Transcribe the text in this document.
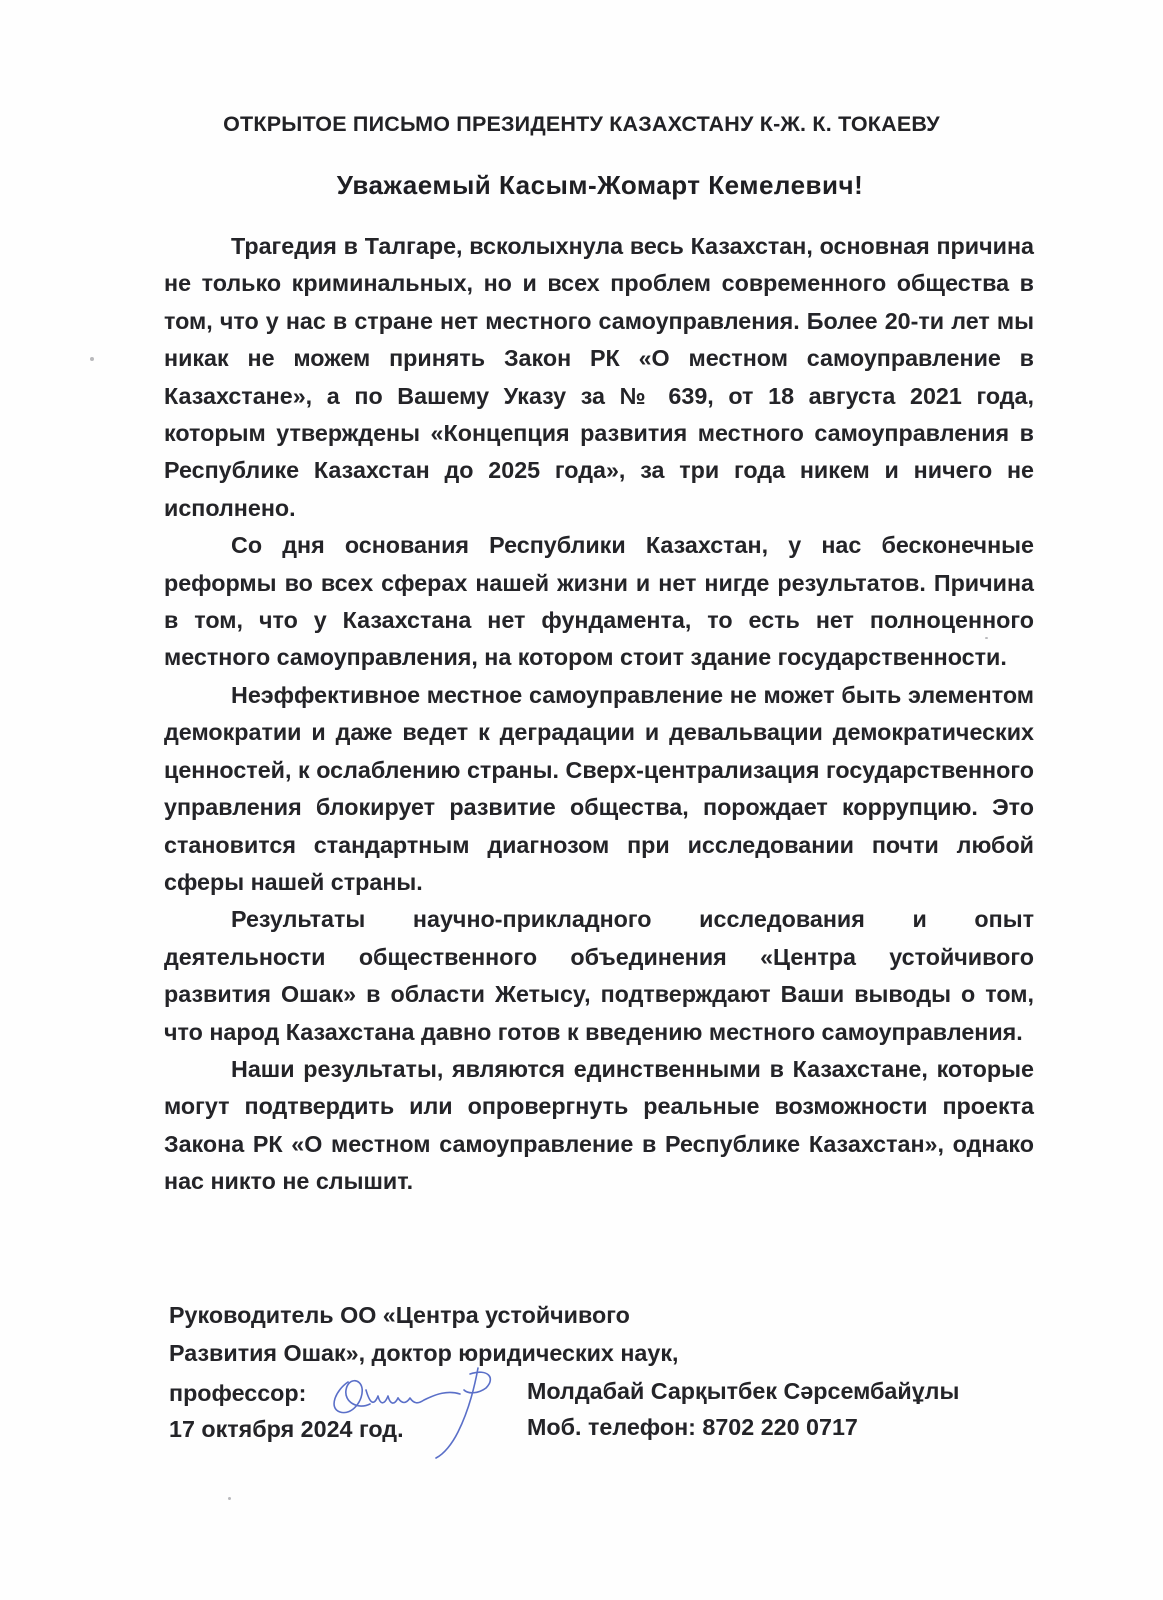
ОТКРЫТОЕ ПИСЬМО ПРЕЗИДЕНТУ КАЗАХСТАНУ К-Ж. К. ТОКАЕВУ
Уважаемый Касым-Жомарт Кемелевич!

Трагедия в Талгаре, всколыхнула весь Казахстан, основная причина не только криминальных, но и всех проблем современного общества в том, что у нас в стране нет местного самоуправления. Более 20-ти лет мы никак не можем принять Закон РК «О местном самоуправление в Казахстане», а по Вашему Указу за № 639, от 18 августа 2021 года, которым утверждены «Концепция развития местного самоуправления в Республике Казахстан до 2025 года», за три года никем и ничего не исполнено.

Со дня основания Республики Казахстан, у нас бесконечные реформы во всех сферах нашей жизни и нет нигде результатов. Причина в том, что у Казахстана нет фундамента, то есть нет полноценного местного самоуправления, на котором стоит здание государственности.

Неэффективное местное самоуправление не может быть элементом демократии и даже ведет к деградации и девальвации демократических ценностей, к ослаблению страны. Сверх-централизация государственного управления блокирует развитие общества, порождает коррупцию. Это становится стандартным диагнозом при исследовании почти любой сферы нашей страны.

Результаты научно-прикладного исследования и опыт деятельности общественного объединения «Центра устойчивого развития Ошак» в области Жетысу, подтверждают Ваши выводы о том, что народ Казахстана давно готов к введению местного самоуправления.

Наши результаты, являются единственными в Казахстане, которые могут подтвердить или опровергнуть реальные возможности проекта Закона РК «О местном самоуправление в Республике Казахстан», однако нас никто не слышит.

Руководитель ОО «Центра устойчивого
Развития Ошак», доктор юридических наук,
профессор:
17 октября 2024 год.
Молдабай Сарқытбек Сәрсембайұлы
Моб. телефон: 8702 220 0717
